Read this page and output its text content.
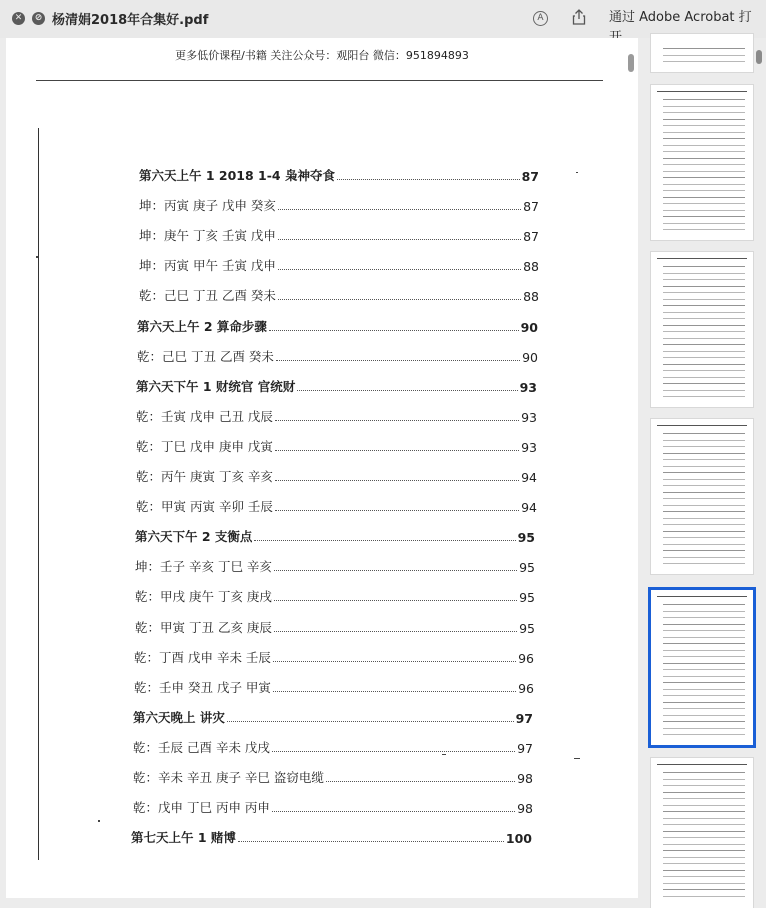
✕	⊘ 杨清娟2018年合集好.pdf	A	通过 Adobe Acrobat 打
更多低价课程/书籍 关注公众号：观阳台 微信：951894893
第六天上午 1 2018 1-4 枭神夺食	87
坤：丙寅 庚子 戊申 癸亥	87
坤：庚午 丁亥 壬寅 戊申	87
坤：丙寅 甲午 壬寅 戊申	88
乾：己巳 丁丑 乙酉 癸未	88
第六天上午 2 算命步骤	90
乾：己巳 丁丑 乙酉 癸未	90
第六天下午 1 财统官 官统财	93
乾：壬寅 戊申 己丑 戊辰	93
乾：丁巳 戊申 庚申 戊寅	93
乾：丙午 庚寅 丁亥 辛亥	94
乾：甲寅 丙寅 辛卯 壬辰	94
第六天下午 2 支衡点	95
坤：壬子 辛亥 丁巳 辛亥	95
乾：甲戌 庚午 丁亥 庚戌	95
乾：甲寅 丁丑 乙亥 庚辰	95
乾：丁酉 戊申 辛未 壬辰	96
乾：壬申 癸丑 戊子 甲寅	96
第六天晚上 讲灾	97
乾：壬辰 己酉 辛未 戊戌	97
乾：辛未 辛丑 庚子 辛巳 盗窃电缆	98
乾：戊申 丁巳 丙申 丙申	98
第七天上午 1 赌博	100
